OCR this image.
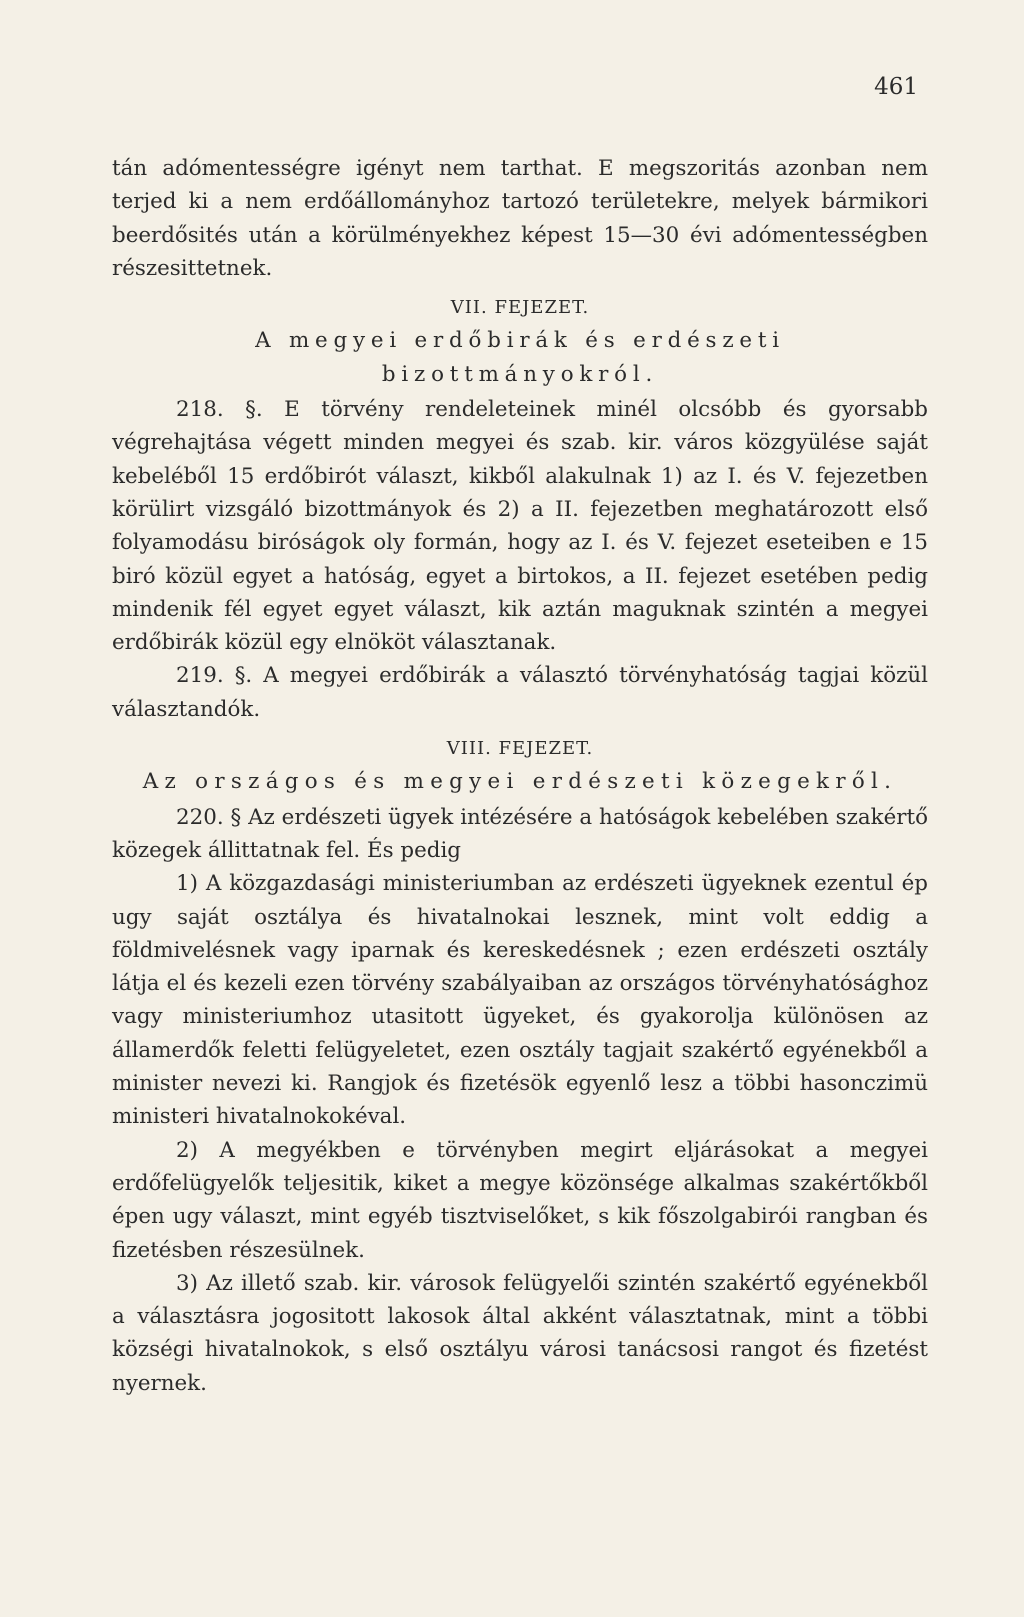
461

tán adómentességre igényt nem tarthat. E megszoritás azonban nem terjed ki a nem erdőállományhoz tartozó területekre, melyek bármikori beerdősités után a körülményekhez képest 15—30 évi adómentességben részesittetnek.

VII. FEJEZET.

A megyei erdőbirák és erdészeti bizottmányokról.

218. §. E törvény rendeleteinek minél olcsóbb és gyorsabb végrehajtása végett minden megyei és szab. kir. város közgyülése saját kebeléből 15 erdőbirót választ, kikből alakulnak 1) az I. és V. fejezetben körülirt vizsgáló bizottmányok és 2) a II. fejezetben meghatározott első folyamodásu biróságok oly formán, hogy az I. és V. fejezet eseteiben e 15 biró közül egyet a hatóság, egyet a birtokos, a II. fejezet esetében pedig mindenik fél egyet egyet választ, kik aztán maguknak szintén a megyei erdőbirák közül egy elnököt választanak.

219. §. A megyei erdőbirák a választó törvényhatóság tagjai közül választandók.

VIII. FEJEZET.

Az országos és megyei erdészeti közegekről.

220. § Az erdészeti ügyek intézésére a hatóságok kebelében szakértő közegek állittatnak fel. És pedig

1) A közgazdasági ministeriumban az erdészeti ügyeknek ezentul ép ugy saját osztálya és hivatalnokai lesznek, mint volt eddig a földmivelésnek vagy iparnak és kereskedésnek ; ezen erdészeti osztály látja el és kezeli ezen törvény szabályaiban az országos törvényhatósághoz vagy ministeriumhoz utasitott ügyeket, és gyakorolja különösen az államerdők feletti felügyeletet, ezen osztály tagjait szakértő egyénekből a minister nevezi ki. Rangjok és fizetésök egyenlő lesz a többi hasonczimü ministeri hivatalnokokéval.

2) A megyékben e törvényben megirt eljárásokat a megyei erdőfelügyelők teljesitik, kiket a megye közönsége alkalmas szakértőkből épen ugy választ, mint egyéb tisztviselőket, s kik főszolgabirói rangban és fizetésben részesülnek.

3) Az illető szab. kir. városok felügyelői szintén szakértő egyénekből a választásra jogositott lakosok által akként választatnak, mint a többi községi hivatalnokok, s első osztályu városi tanácsosi rangot és fizetést nyernek.
